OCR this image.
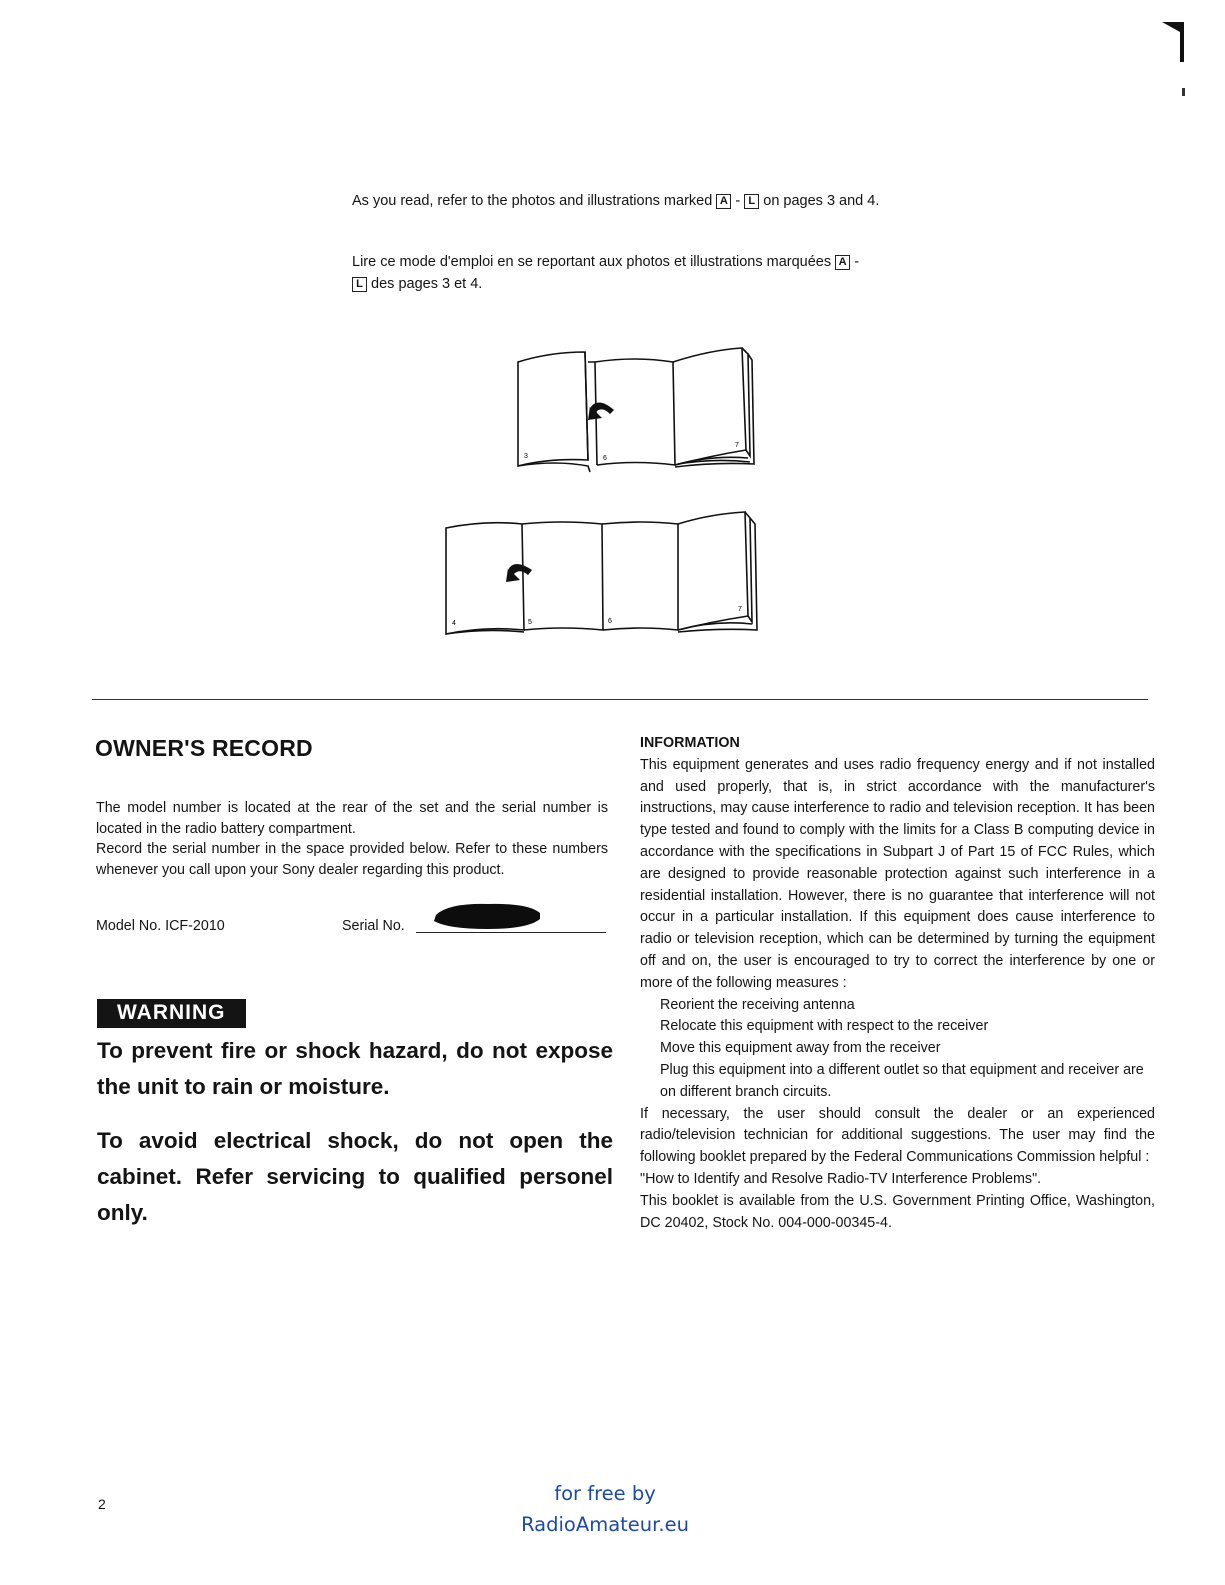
As you read, refer to the photos and illustrations marked A - L on pages 3 and 4.

Lire ce mode d'emploi en se reportant aux photos et illustrations marquées A - L des pages 3 et 4.

3	6
7
4	5	6
7
OWNER'S RECORD

The model number is located at the rear of the set and the serial number is located in the radio battery compartment.

Record the serial number in the space provided below. Refer to these numbers whenever you call upon your Sony dealer regarding this product.

Model No. ICF-2010	Serial No.
WARNING

To prevent fire or shock hazard, do not expose the unit to rain or moisture.

To avoid electrical shock, do not open the cabinet. Refer servicing to qualified personel only.

INFORMATION

This equipment generates and uses radio frequency energy and if not installed and used properly, that is, in strict accordance with the manufacturer's instructions, may cause interference to radio and television reception. It has been type tested and found to comply with the limits for a Class B computing device in accordance with the specifications in Subpart J of Part 15 of FCC Rules, which are designed to provide reasonable protection against such interference in a residential installation. However, there is no guarantee that interference will not occur in a particular installation. If this equipment does cause interference to radio or television reception, which can be determined by turning the equipment off and on, the user is encouraged to try to correct the interference by one or more of the following measures :

Reorient the receiving antenna
Relocate this equipment with respect to the receiver
Move this equipment away from the receiver
Plug this equipment into a different outlet so that equipment and receiver are on different branch circuits.

If necessary, the user should consult the dealer or an experienced radio/television technician for additional suggestions. The user may find the following booklet prepared by the Federal Communications Commission helpful :

"How to Identify and Resolve Radio-TV Interference Problems".

This booklet is available from the U.S. Government Printing Office, Washington, DC 20402, Stock No. 004-000-00345-4.

2	for free by
RadioAmateur.eu
